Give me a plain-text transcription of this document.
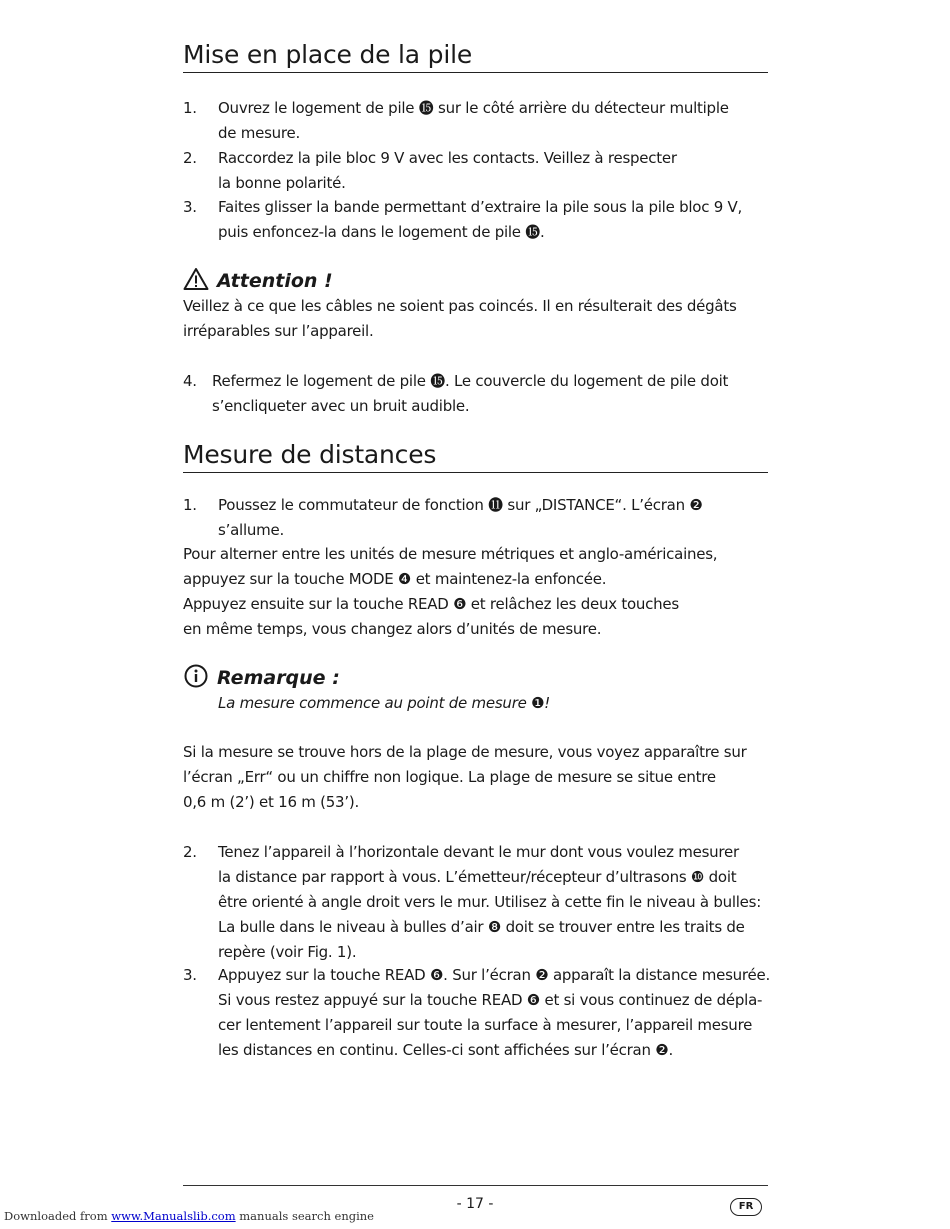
Mise en place de la pile
1. Ouvrez le logement de pile ⓯ sur le côté arrière du détecteur multiple
de mesure.
2. Raccordez la pile bloc 9 V avec les contacts. Veillez à respecter
la bonne polarité.
3. Faites glisser la bande permettant d’extraire la pile sous la pile bloc 9 V,
puis enfoncez-la dans le logement de pile ⓯.
Attention !
Veillez à ce que les câbles ne soient pas coincés. Il en résulterait des dégâts
irréparables sur l’appareil.
4. Refermez le logement de pile ⓯. Le couvercle du logement de pile doit
s’encliqueter avec un bruit audible.
Mesure de distances
1. Poussez le commutateur de fonction ⓫ sur „DISTANCE“. L’écran ❷ s’allume.
Pour alterner entre les unités de mesure métriques et anglo-américaines,
appuyez sur la touche MODE ❹ et maintenez-la enfoncée.
Appuyez ensuite sur la touche READ ❻ et relâchez les deux touches
en même temps, vous changez alors d’unités de mesure.
Remarque :
La mesure commence au point de mesure ❶!
Si la mesure se trouve hors de la plage de mesure, vous voyez apparaître sur
l’écran „Err“ ou un chiffre non logique. La plage de mesure se situe entre
0,6 m (2’) et 16 m (53’).
2. Tenez l’appareil à l’horizontale devant le mur dont vous voulez mesurer
la distance par rapport à vous. L’émetteur/récepteur d’ultrasons ❿ doit
être orienté à angle droit vers le mur. Utilisez à cette fin le niveau à bulles:
La bulle dans le niveau à bulles d’air ❽ doit se trouver entre les traits de
repère (voir Fig. 1).
3. Appuyez sur la touche READ ❻. Sur l’écran ❷ apparaît la distance mesurée.
Si vous restez appuyé sur la touche READ ❻ et si vous continuez de dépla-
cer lentement l’appareil sur toute la surface à mesurer, l’appareil mesure
les distances en continu. Celles-ci sont affichées sur l’écran ❷.
- 17 -	FR
Downloaded from www.Manualslib.com manuals search engine
